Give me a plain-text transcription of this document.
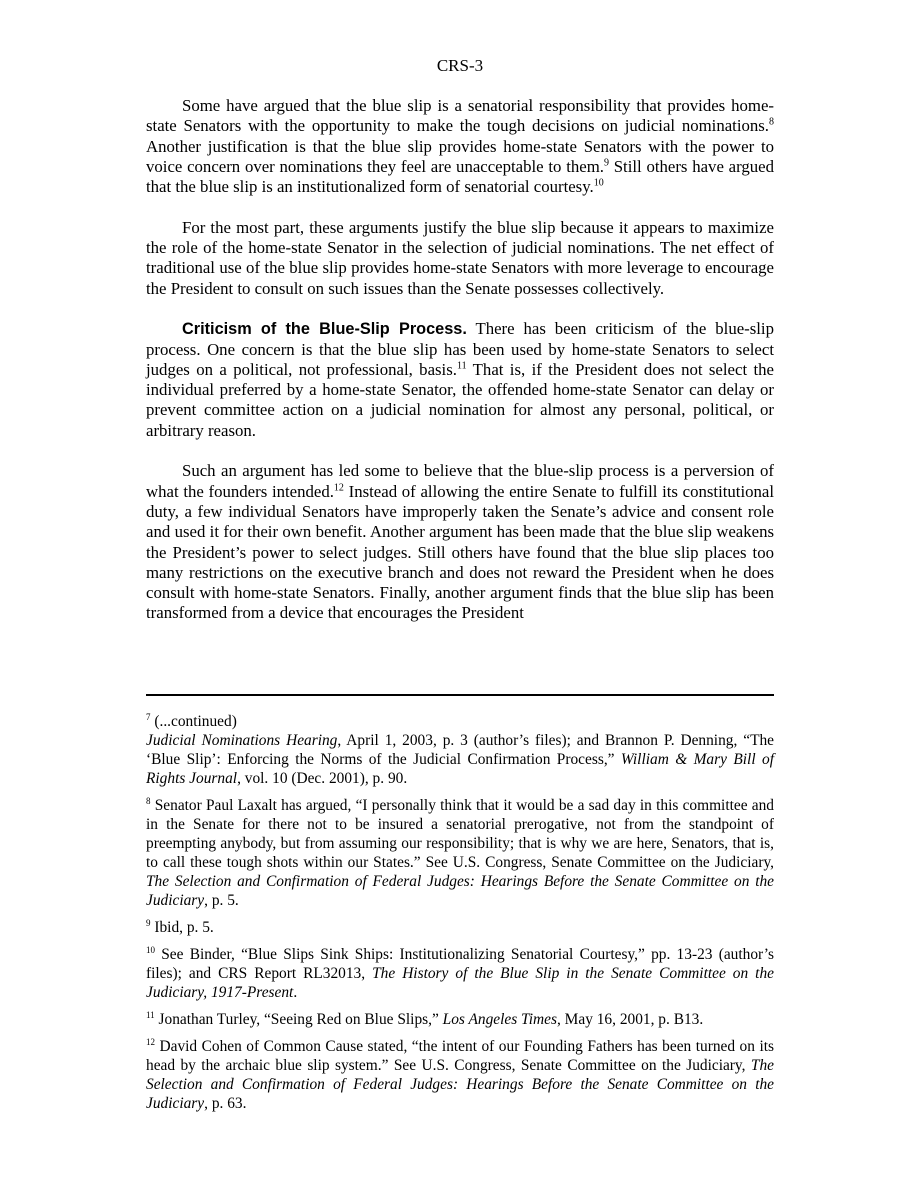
CRS-3

Some have argued that the blue slip is a senatorial responsibility that provides home-state Senators with the opportunity to make the tough decisions on judicial nominations.$^8$ Another justification is that the blue slip provides home-state Senators with the power to voice concern over nominations they feel are unacceptable to them.$^9$ Still others have argued that the blue slip is an institutionalized form of senatorial courtesy.$^{10}$

For the most part, these arguments justify the blue slip because it appears to maximize the role of the home-state Senator in the selection of judicial nominations. The net effect of traditional use of the blue slip provides home-state Senators with more leverage to encourage the President to consult on such issues than the Senate possesses collectively.

Criticism of the Blue-Slip Process. There has been criticism of the blue-slip process. One concern is that the blue slip has been used by home-state Senators to select judges on a political, not professional, basis.$^{11}$ That is, if the President does not select the individual preferred by a home-state Senator, the offended home-state Senator can delay or prevent committee action on a judicial nomination for almost any personal, political, or arbitrary reason.

Such an argument has led some to believe that the blue-slip process is a perversion of what the founders intended.$^{12}$ Instead of allowing the entire Senate to fulfill its constitutional duty, a few individual Senators have improperly taken the Senate’s advice and consent role and used it for their own benefit. Another argument has been made that the blue slip weakens the President’s power to select judges. Still others have found that the blue slip places too many restrictions on the executive branch and does not reward the President when he does consult with home-state Senators. Finally, another argument finds that the blue slip has been transformed from a device that encourages the President

$^7$ (...continued)
Judicial Nominations Hearing, April 1, 2003, p. 3 (author’s files); and Brannon P. Denning, “The ‘Blue Slip’: Enforcing the Norms of the Judicial Confirmation Process,” William & Mary Bill of Rights Journal, vol. 10 (Dec. 2001), p. 90.
$^8$ Senator Paul Laxalt has argued, “I personally think that it would be a sad day in this committee and in the Senate for there not to be insured a senatorial prerogative, not from the standpoint of preempting anybody, but from assuming our responsibility; that is why we are here, Senators, that is, to call these tough shots within our States.” See U.S. Congress, Senate Committee on the Judiciary, The Selection and Confirmation of Federal Judges: Hearings Before the Senate Committee on the Judiciary, p. 5.
$^9$ Ibid, p. 5.
$^{10}$ See Binder, “Blue Slips Sink Ships: Institutionalizing Senatorial Courtesy,” pp. 13-23 (author’s files); and CRS Report RL32013, The History of the Blue Slip in the Senate Committee on the Judiciary, 1917-Present.
$^{11}$ Jonathan Turley, “Seeing Red on Blue Slips,” Los Angeles Times, May 16, 2001, p. B13.
$^{12}$ David Cohen of Common Cause stated, “the intent of our Founding Fathers has been turned on its head by the archaic blue slip system.” See U.S. Congress, Senate Committee on the Judiciary, The Selection and Confirmation of Federal Judges: Hearings Before the Senate Committee on the Judiciary, p. 63.
